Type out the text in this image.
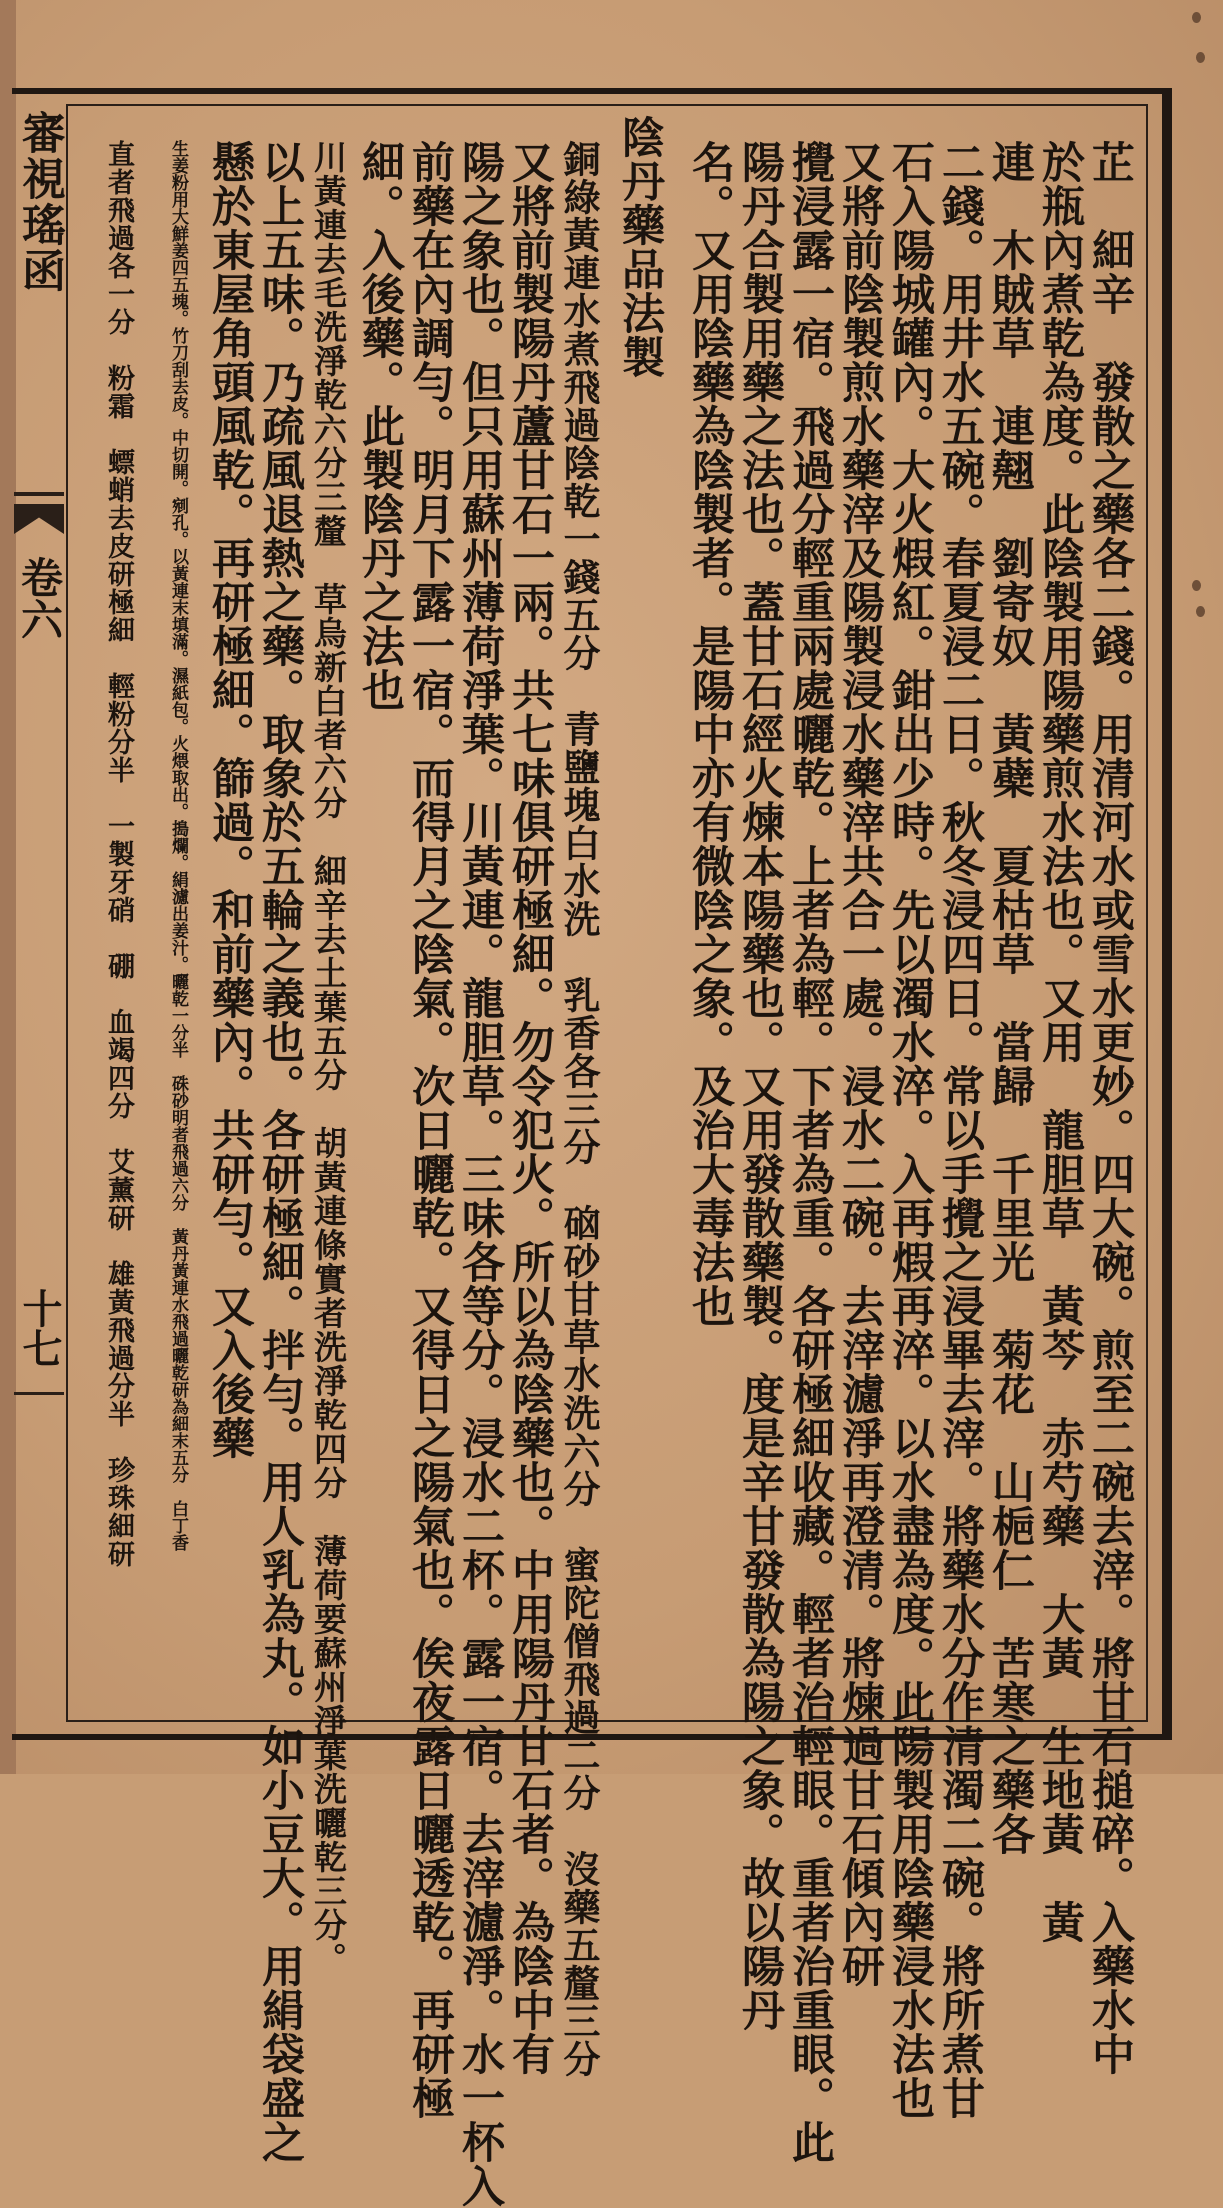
審視瑤函
卷六
十七	芷　細辛　發散之藥各二錢。用清河水或雪水更妙。四大碗。煎至二碗去滓。將甘石搥碎。入藥水中
於瓶內煮乾為度。此陰製用陽藥煎水法也。又用　龍胆草　黃芩　赤芍藥　大黃　生地黃　黃
連　木賊草　連翹　劉寄奴　黃蘗　夏枯草　當歸　千里光　菊花　山梔仁　苦寒之藥各
二錢。用井水五碗。春夏浸二日。秋冬浸四日。常以手攪之浸畢去滓。將藥水分作清濁二碗。將所煮甘
石入陽城罐內。大火煆紅。鉗出少時。先以濁水淬。入再煆再淬。以水盡為度。此陽製用陰藥浸水法也
又將前陰製煎水藥滓及陽製浸水藥滓共合一處。浸水二碗。去滓濾淨再澄清。將煉過甘石傾內研
攪浸露一宿。飛過分輕重兩處曬乾。上者為輕。下者為重。各研極細收藏。輕者治輕眼。重者治重眼。此
陽丹合製用藥之法也。蓋甘石經火煉本陽藥也。又用發散藥製。度是辛甘發散為陽之象。故以陽丹
名。又用陰藥為陰製者。是陽中亦有微陰之象。及治大毒法也
陰丹藥品法製
銅綠黃連水煮飛過陰乾一錢五分　青鹽塊白水洗　乳香各三分　硇砂甘草水洗六分　蜜陀僧飛過二分　沒藥五釐三分
又將前製陽丹蘆甘石一兩。共七味俱研極細。勿令犯火。所以為陰藥也。中用陽丹甘石者。為陰中有
陽之象也。但只用蘇州薄荷淨葉。川黃連。龍胆草。三味各等分。浸水二杯。露一宿。去滓濾淨。水一杯入
前藥在內調勻。明月下露一宿。而得月之陰氣。次日曬乾。又得日之陽氣也。俟夜露日曬透乾。再研極
細。入後藥。此製陰丹之法也
川黃連去毛洗淨乾六分三釐　草烏新白者六分　細辛去土葉五分　胡黃連條實者洗淨乾四分　薄荷要蘇州淨葉洗曬乾三分。
以上五味。乃疏風退熱之藥。取象於五輪之義也。各研極細。拌勻。用人乳為丸。如小豆大。用絹袋盛之
懸於東屋角頭風乾。再研極細。篩過。和前藥內。共研勻。又入後藥
生姜粉用大鮮姜四五塊。竹刀刮去皮。中切開。剜孔。以黃連末填滿。濕紙包。火煨取出。搗爛。絹濾出姜汁。曬乾一分半　硃砂明者飛過六分　黃丹黃連水飛過曬乾研為細末五分　白丁香
直者飛過各一分　粉霜　螵蛸去皮研極細　輕粉分半　一製牙硝　硼　血竭四分　艾薰研　雄黃飛過分半　珍珠細研
